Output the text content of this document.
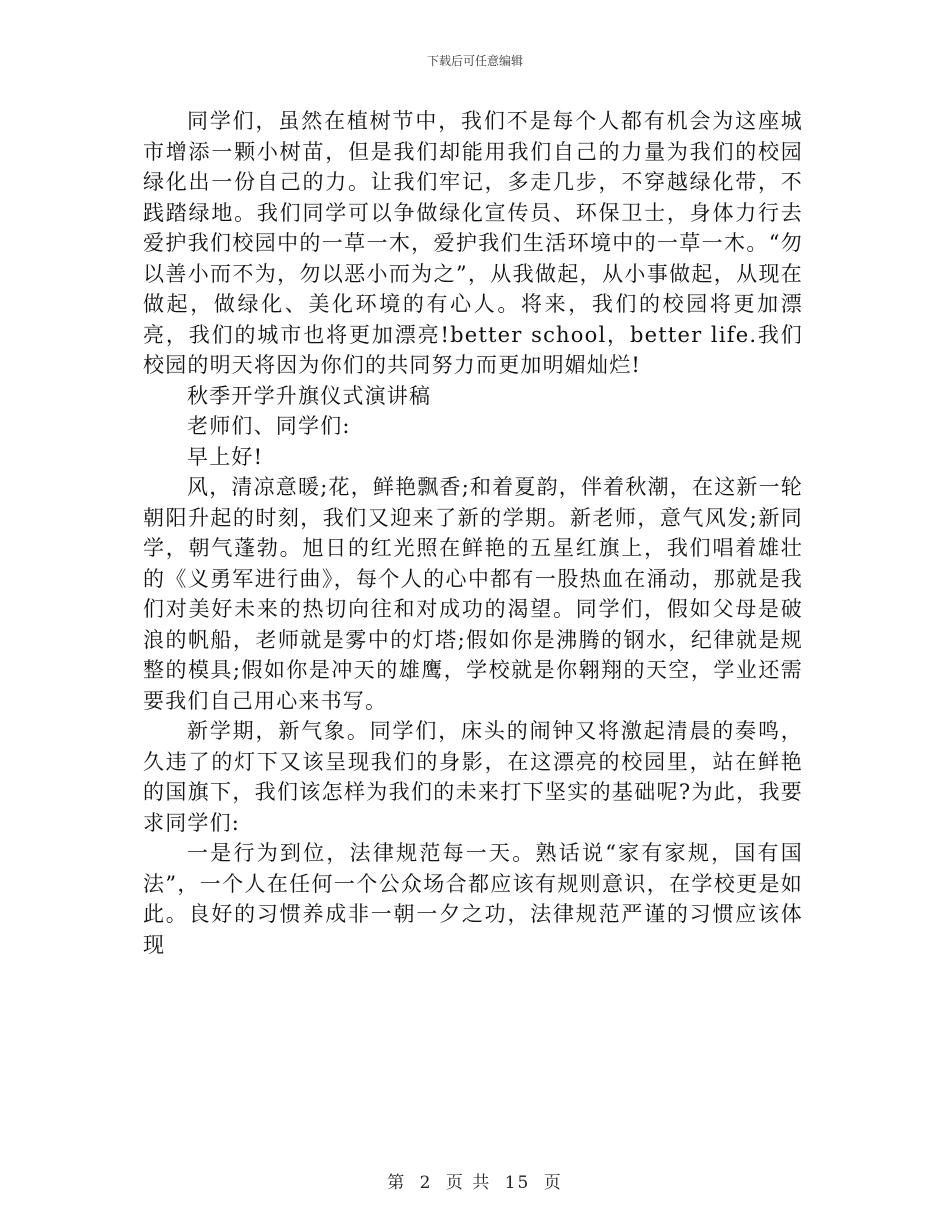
下载后可任意编辑

同学们，虽然在植树节中，我们不是每个人都有机会为这座城市增添一颗小树苗，但是我们却能用我们自己的力量为我们的校园绿化出一份自己的力。让我们牢记，多走几步，不穿越绿化带，不践踏绿地。我们同学可以争做绿化宣传员、环保卫士，身体力行去爱护我们校园中的一草一木，爱护我们生活环境中的一草一木。“勿以善小而不为，勿以恶小而为之”，从我做起，从小事做起，从现在做起，做绿化、美化环境的有心人。将来，我们的校园将更加漂亮，我们的城市也将更加漂亮!better school，better life.我们校园的明天将因为你们的共同努力而更加明媚灿烂!

秋季开学升旗仪式演讲稿

老师们、同学们:

早上好!

风，清凉意暖;花，鲜艳飘香;和着夏韵，伴着秋潮，在这新一轮朝阳升起的时刻，我们又迎来了新的学期。新老师，意气风发;新同学，朝气蓬勃。旭日的红光照在鲜艳的五星红旗上，我们唱着雄壮的《义勇军进行曲》，每个人的心中都有一股热血在涌动，那就是我们对美好未来的热切向往和对成功的渴望。同学们，假如父母是破浪的帆船，老师就是雾中的灯塔;假如你是沸腾的钢水，纪律就是规整的模具;假如你是冲天的雄鹰，学校就是你翱翔的天空，学业还需要我们自己用心来书写。

新学期，新气象。同学们，床头的闹钟又将激起清晨的奏鸣，久违了的灯下又该呈现我们的身影，在这漂亮的校园里，站在鲜艳的国旗下，我们该怎样为我们的未来打下坚实的基础呢?为此，我要求同学们:

一是行为到位，法律规范每一天。熟话说“家有家规，国有国法”，一个人在任何一个公众场合都应该有规则意识，在学校更是如此。良好的习惯养成非一朝一夕之功，法律规范严谨的习惯应该体现

第 2 页 共 15 页
